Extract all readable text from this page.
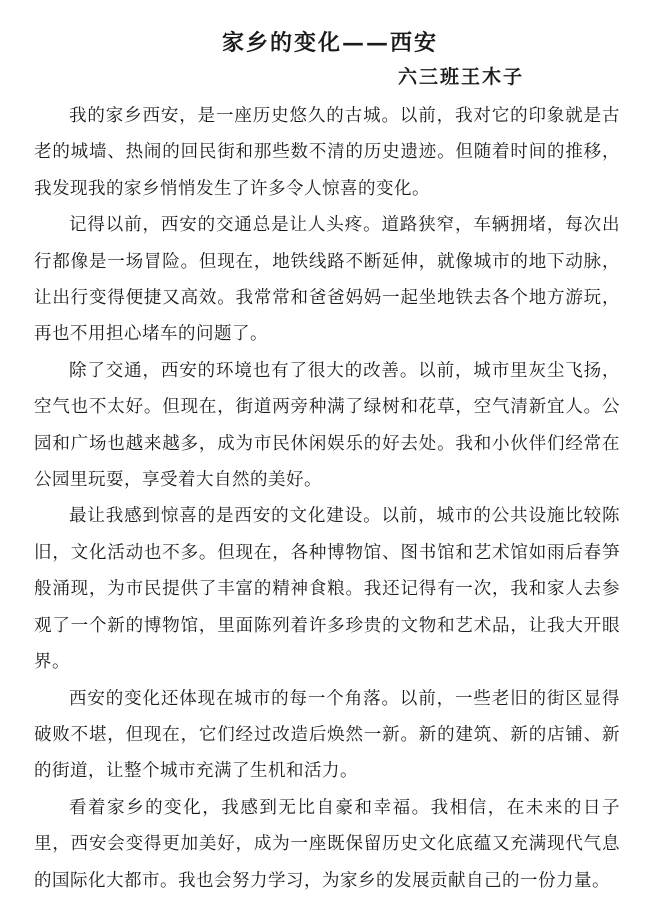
家乡的变化——西安
六三班王木子

我的家乡西安，是一座历史悠久的古城。以前，我对它的印象就是古老的城墙、热闹的回民街和那些数不清的历史遗迹。但随着时间的推移，我发现我的家乡悄悄发生了许多令人惊喜的变化。

记得以前，西安的交通总是让人头疼。道路狭窄，车辆拥堵，每次出行都像是一场冒险。但现在，地铁线路不断延伸，就像城市的地下动脉，让出行变得便捷又高效。我常常和爸爸妈妈一起坐地铁去各个地方游玩，再也不用担心堵车的问题了。

除了交通，西安的环境也有了很大的改善。以前，城市里灰尘飞扬，空气也不太好。但现在，街道两旁种满了绿树和花草，空气清新宜人。公园和广场也越来越多，成为市民休闲娱乐的好去处。我和小伙伴们经常在公园里玩耍，享受着大自然的美好。

最让我感到惊喜的是西安的文化建设。以前，城市的公共设施比较陈旧，文化活动也不多。但现在，各种博物馆、图书馆和艺术馆如雨后春笋般涌现，为市民提供了丰富的精神食粮。我还记得有一次，我和家人去参观了一个新的博物馆，里面陈列着许多珍贵的文物和艺术品，让我大开眼界。

西安的变化还体现在城市的每一个角落。以前，一些老旧的街区显得破败不堪，但现在，它们经过改造后焕然一新。新的建筑、新的店铺、新的街道，让整个城市充满了生机和活力。

看着家乡的变化，我感到无比自豪和幸福。我相信，在未来的日子里，西安会变得更加美好，成为一座既保留历史文化底蕴又充满现代气息的国际化大都市。我也会努力学习，为家乡的发展贡献自己的一份力量。
